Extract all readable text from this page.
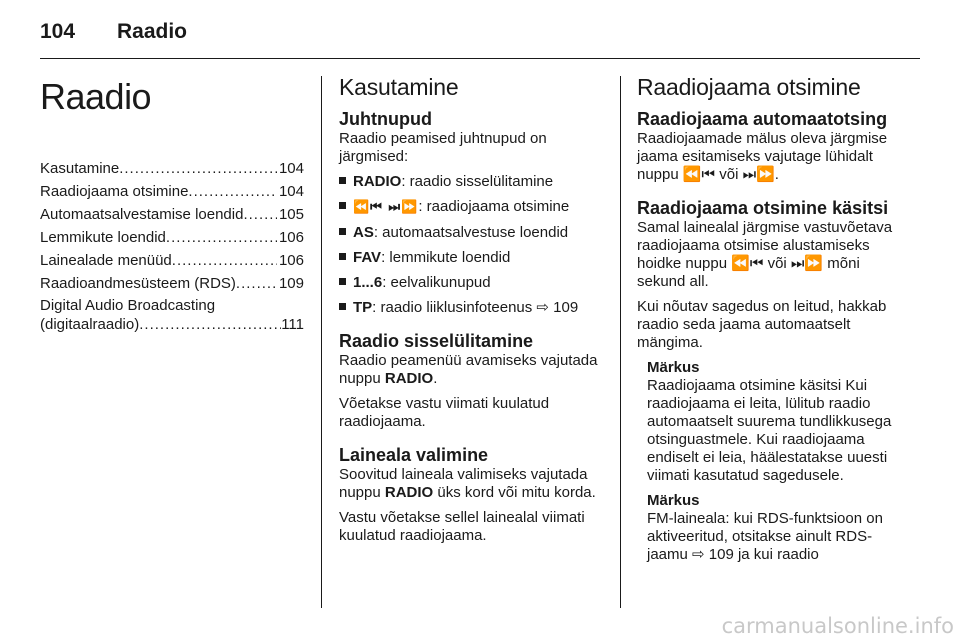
104 Raadio
Raadio
Kasutamine .....	104
Raadiojaama otsimine .....	104
Automaatsalvestamise loendid ..... 105
Lemmikute loendid .....	106
Lainealade menüüd .....	106
Raadioandmesüsteem (RDS) .....	109
Digital Audio Broadcasting
(digitaalraadio) .....	111
Kasutamine
Juhtnupud

Raadio peamised juhtnupud on järgmised:

RADIO: raadio sisselülitamine
⏪⏮ ⏭⏩: raadiojaama otsimine
AS: automaatsalvestuse loendid
FAV: lemmikute loendid
1...6: eelvalikunupud
TP: raadio liiklusinfoteenus ⇨ 109
Raadio sisselülitamine

Raadio peamenüü avamiseks vajutada nuppu RADIO.

Võetakse vastu viimati kuulatud raadiojaama.

Laineala valimine

Soovitud laineala valimiseks vajutada nuppu RADIO üks kord või mitu korda.

Vastu võetakse sellel lainealal viimati kuulatud raadiojaama.

Raadiojaama otsimine
Raadiojaama automaatotsing

Raadiojaamade mälus oleva järgmise jaama esitamiseks vajutage lühidalt nuppu ⏪⏮ või ⏭⏩.

Raadiojaama otsimine käsitsi

Samal lainealal järgmise vastuvõetava raadiojaama otsimise alustamiseks hoidke nuppu ⏪⏮ või ⏭⏩ mõni sekund all.

Kui nõutav sagedus on leitud, hakkab raadio seda jaama automaatselt mängima.

Märkus

Raadiojaama otsimine käsitsi Kui raadiojaama ei leita, lülitub raadio automaatselt suurema tundlikkusega otsinguastmele. Kui raadiojaama endiselt ei leia, häälestatakse uuesti viimati kasutatud sagedusele.

Märkus

FM-laineala: kui RDS-funktsioon on aktiveeritud, otsitakse ainult RDS-jaamu ⇨ 109 ja kui raadio

carmanualsonline.info
